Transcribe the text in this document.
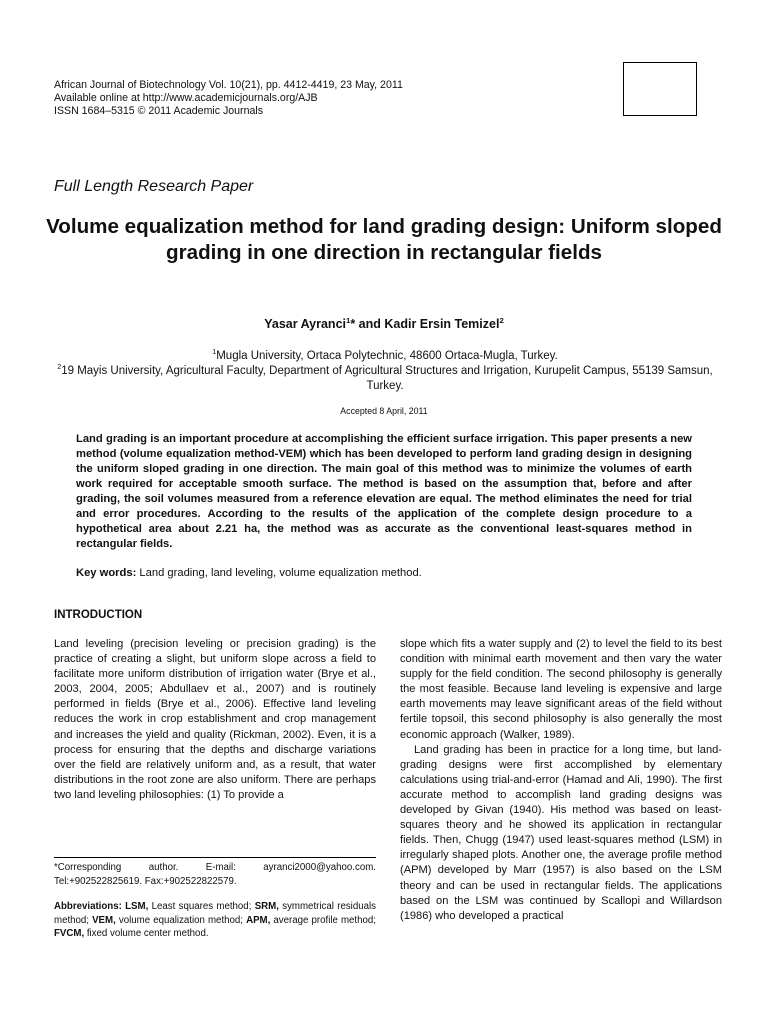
African Journal of Biotechnology Vol. 10(21), pp. 4412-4419, 23 May, 2011
Available online at http://www.academicjournals.org/AJB
ISSN 1684–5315 © 2011 Academic Journals
Full Length Research Paper
Volume equalization method for land grading design: Uniform sloped grading in one direction in rectangular fields
Yasar Ayranci$^1$* and Kadir Ersin Temizel$^2$
$^1$Mugla University, Ortaca Polytechnic, 48600 Ortaca-Mugla, Turkey.
$^2$19 Mayis University, Agricultural Faculty, Department of Agricultural Structures and Irrigation, Kurupelit Campus, 55139 Samsun, Turkey.
Accepted 8 April, 2011
Land grading is an important procedure at accomplishing the efficient surface irrigation. This paper presents a new method (volume equalization method-VEM) which has been developed to perform land grading design in designing the uniform sloped grading in one direction. The main goal of this method was to minimize the volumes of earth work required for acceptable smooth surface. The method is based on the assumption that, before and after grading, the soil volumes measured from a reference elevation are equal. The method eliminates the need for trial and error procedures. According to the results of the application of the complete design procedure to a hypothetical area about 2.21 ha, the method was as accurate as the conventional least-squares method in rectangular fields.
Key words: Land grading, land leveling, volume equalization method.
INTRODUCTION
Land leveling (precision leveling or precision grading) is the practice of creating a slight, but uniform slope across a field to facilitate more uniform distribution of irrigation water (Brye et al., 2003, 2004, 2005; Abdullaev et al., 2007) and is routinely performed in fields (Brye et al., 2006). Effective land leveling reduces the work in crop establishment and crop management and increases the yield and quality (Rickman, 2002). Even, it is a process for ensuring that the depths and discharge variations over the field are relatively uniform and, as a result, that water distributions in the root zone are also uniform. There are perhaps two land leveling philosophies: (1) To provide a
slope which fits a water supply and (2) to level the field to its best condition with minimal earth movement and then vary the water supply for the field condition. The second philosophy is generally the most feasible. Because land leveling is expensive and large earth movements may leave significant areas of the field without fertile topsoil, this second philosophy is also generally the most economic approach (Walker, 1989).
Land grading has been in practice for a long time, but land-grading designs were first accomplished by elementary calculations using trial-and-error (Hamad and Ali, 1990). The first accurate method to accomplish land grading designs was developed by Givan (1940). His method was based on least-squares theory and he showed its application in rectangular fields. Then, Chugg (1947) used least-squares method (LSM) in irregularly shaped plots. Another one, the average profile method (APM) developed by Marr (1957) is also based on the LSM theory and can be used in rectangular fields. The applications based on the LSM was continued by Scallopi and Willardson (1986) who developed a practical
*Corresponding author. E-mail: ayranci2000@yahoo.com. Tel:+902522825619. Fax:+902522822579.
Abbreviations: LSM, Least squares method; SRM, symmetrical residuals method; VEM, volume equalization method; APM, average profile method; FVCM, fixed volume center method.
